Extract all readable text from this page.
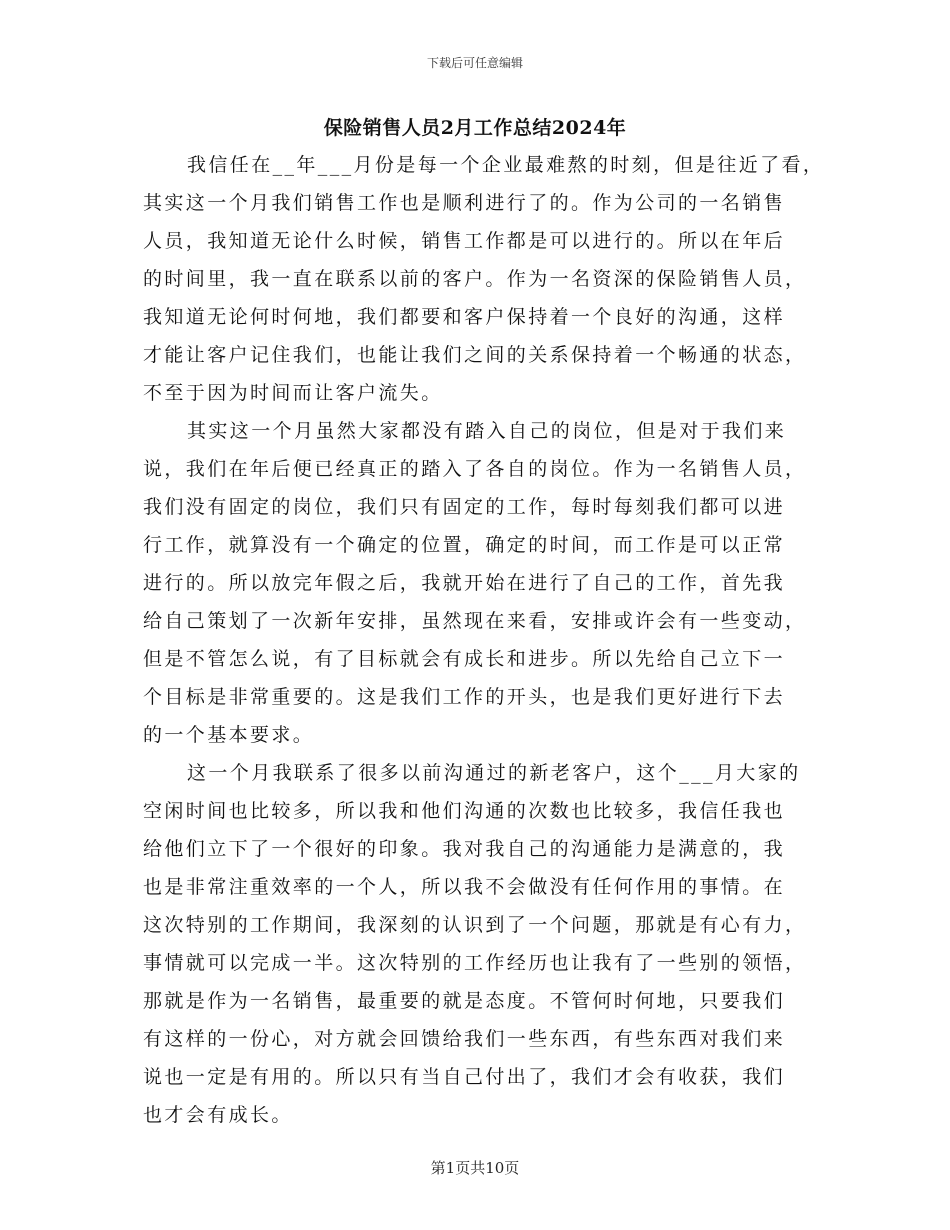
下载后可任意编辑
保险销售人员2月工作总结2024年
我信任在__年___月份是每一个企业最难熬的时刻，但是往近了看，
其实这一个月我们销售工作也是顺利进行了的。作为公司的一名销售
人员，我知道无论什么时候，销售工作都是可以进行的。所以在年后
的时间里，我一直在联系以前的客户。作为一名资深的保险销售人员，
我知道无论何时何地，我们都要和客户保持着一个良好的沟通，这样
才能让客户记住我们，也能让我们之间的关系保持着一个畅通的状态，
不至于因为时间而让客户流失。
其实这一个月虽然大家都没有踏入自己的岗位，但是对于我们来
说，我们在年后便已经真正的踏入了各自的岗位。作为一名销售人员，
我们没有固定的岗位，我们只有固定的工作，每时每刻我们都可以进
行工作，就算没有一个确定的位置，确定的时间，而工作是可以正常
进行的。所以放完年假之后，我就开始在进行了自己的工作，首先我
给自己策划了一次新年安排，虽然现在来看，安排或许会有一些变动，
但是不管怎么说，有了目标就会有成长和进步。所以先给自己立下一
个目标是非常重要的。这是我们工作的开头，也是我们更好进行下去
的一个基本要求。
这一个月我联系了很多以前沟通过的新老客户，这个___月大家的
空闲时间也比较多，所以我和他们沟通的次数也比较多，我信任我也
给他们立下了一个很好的印象。我对我自己的沟通能力是满意的，我
也是非常注重效率的一个人，所以我不会做没有任何作用的事情。在
这次特别的工作期间，我深刻的认识到了一个问题，那就是有心有力，
事情就可以完成一半。这次特别的工作经历也让我有了一些别的领悟，
那就是作为一名销售，最重要的就是态度。不管何时何地，只要我们
有这样的一份心，对方就会回馈给我们一些东西，有些东西对我们来
说也一定是有用的。所以只有当自己付出了，我们才会有收获，我们
也才会有成长。
第1页共10页
